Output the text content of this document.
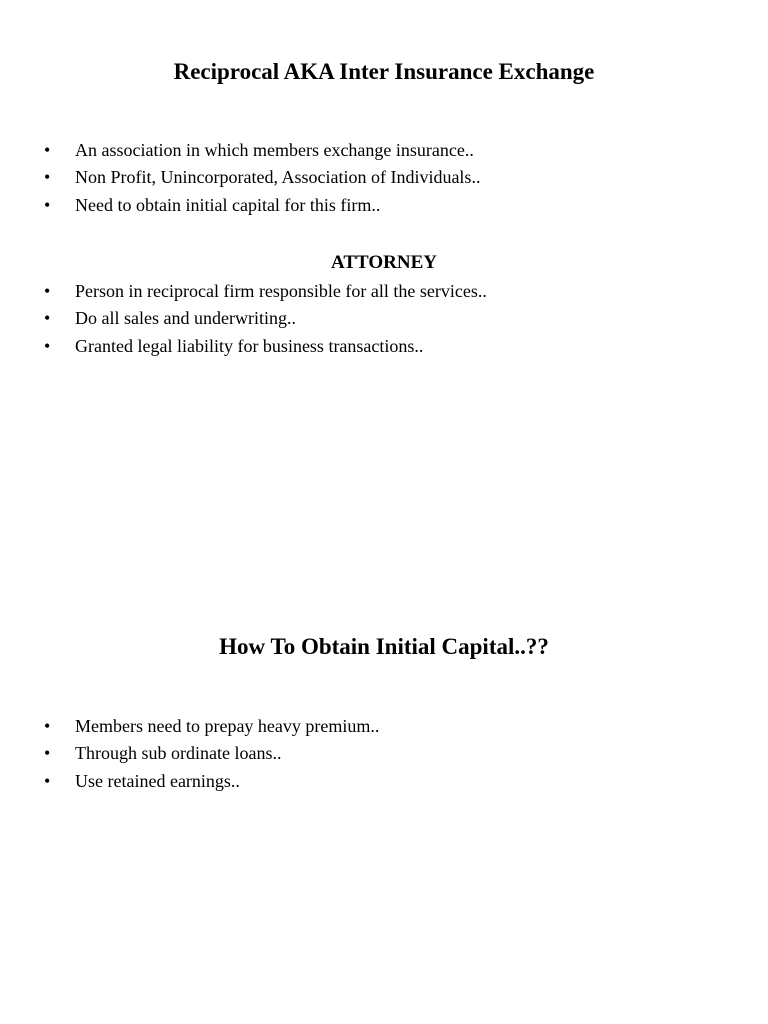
Reciprocal AKA Inter Insurance Exchange
• An association in which members exchange insurance..
• Non Profit, Unincorporated, Association of Individuals..
• Need to obtain initial capital for this firm..
ATTORNEY
• Person in reciprocal firm responsible for all the services..
• Do all sales and underwriting..
• Granted legal liability for business transactions..
How To Obtain Initial Capital..??
• Members need to prepay heavy premium..
• Through sub ordinate loans..
• Use retained earnings..
